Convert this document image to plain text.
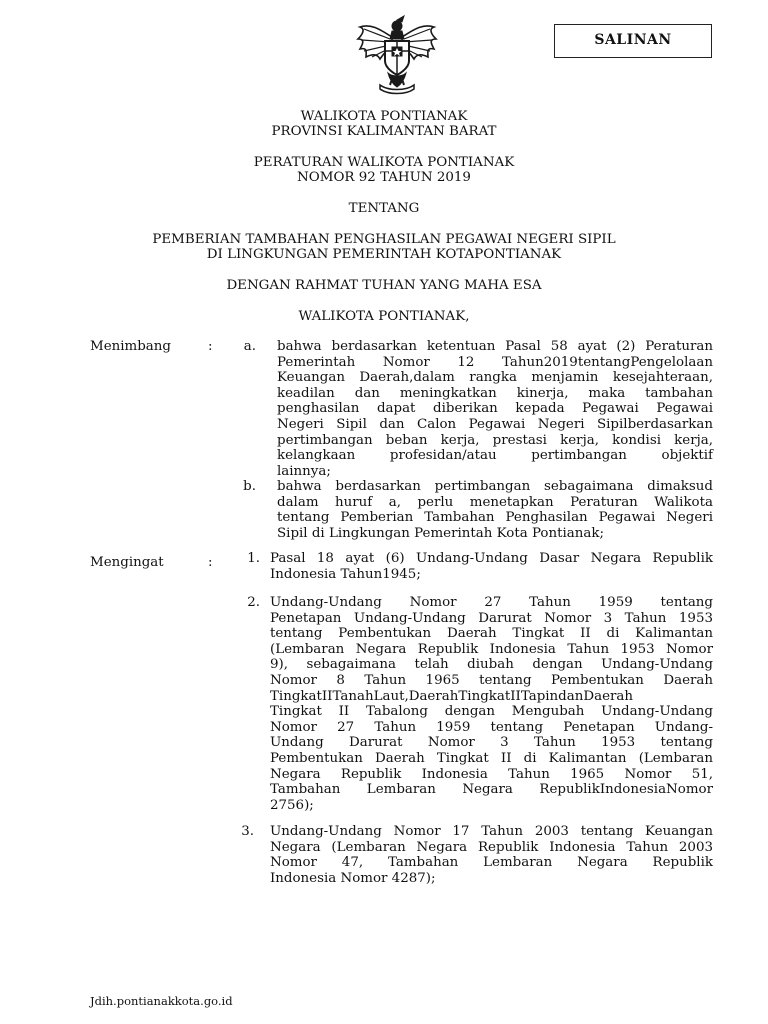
SALINAN
WALIKOTA PONTIANAK
PROVINSI KALIMANTAN BARAT
PERATURAN WALIKOTA PONTIANAK
NOMOR 92 TAHUN 2019
TENTANG
PEMBERIAN TAMBAHAN PENGHASILAN PEGAWAI NEGERI SIPIL
DI LINGKUNGAN PEMERINTAH KOTAPONTIANAK
DENGAN RAHMAT TUHAN YANG MAHA ESA
WALIKOTA PONTIANAK,
Menimbang	: a. bahwa berdasarkan ketentuan Pasal 58 ayat (2) Peraturan
Pemerintah Nomor 12 Tahun2019tentangPengelolaan
Keuangan Daerah,dalam rangka menjamin kesejahteraan,
keadilan dan meningkatkan kinerja, maka tambahan
penghasilan dapat diberikan kepada Pegawai Pegawai
Negeri Sipil dan Calon Pegawai Negeri Sipilberdasarkan
pertimbangan beban kerja, prestasi kerja, kondisi kerja,
kelangkaan profesidan/atau pertimbangan objektif
lainnya;
b. bahwa berdasarkan pertimbangan sebagaimana dimaksud
dalam huruf a, perlu menetapkan Peraturan Walikota
tentang Pemberian Tambahan Penghasilan Pegawai Negeri
Sipil di Lingkungan Pemerintah Kota Pontianak;
Mengingat	:	1. Pasal 18 ayat (6) Undang-Undang Dasar Negara Republik
Indonesia Tahun1945;
2. Undang-Undang Nomor 27 Tahun 1959 tentang
Penetapan Undang-Undang Darurat Nomor 3 Tahun 1953
tentang Pembentukan Daerah Tingkat II di Kalimantan
(Lembaran Negara Republik Indonesia Tahun 1953 Nomor
9), sebagaimana telah diubah dengan Undang-Undang
Nomor 8 Tahun 1965 tentang Pembentukan Daerah
TingkatIITanahLaut,DaerahTingkatIITapindanDaerah
Tingkat II Tabalong dengan Mengubah Undang-Undang
Nomor 27 Tahun 1959 tentang Penetapan Undang-
Undang Darurat Nomor 3 Tahun 1953 tentang
Pembentukan Daerah Tingkat II di Kalimantan (Lembaran
Negara Republik Indonesia Tahun 1965 Nomor 51,
Tambahan Lembaran Negara RepublikIndonesiaNomor
2756);
3. Undang-Undang Nomor 17 Tahun 2003 tentang Keuangan
Negara (Lembaran Negara Republik Indonesia Tahun 2003
Nomor 47, Tambahan Lembaran Negara Republik
Indonesia Nomor 4287);
Jdih.pontianakkota.go.id
